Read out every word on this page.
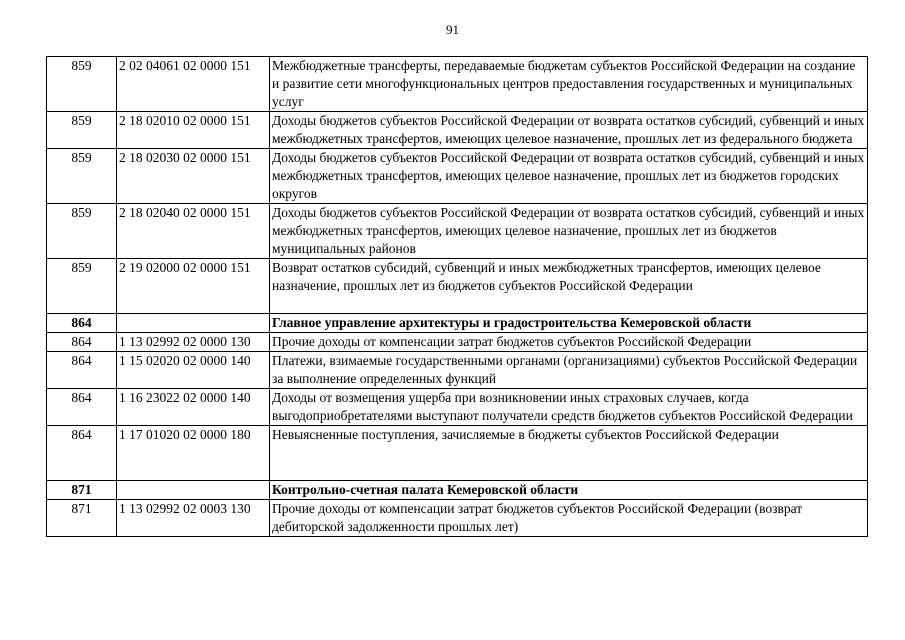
91
859	2 02 04061 02 0000 151	Межбюджетные трансферты, передаваемые бюджетам субъектов Российской Федерации на создание и развитие сети многофункциональных центров предоставления государственных и муниципальных услуг
859	2 18 02010 02 0000 151	Доходы бюджетов субъектов Российской Федерации от возврата остатков субсидий, субвенций и иных межбюджетных трансфертов, имеющих целевое назначение, прошлых лет из федерального бюджета
859	2 18 02030 02 0000 151	Доходы бюджетов субъектов Российской Федерации от возврата остатков субсидий, субвенций и иных межбюджетных трансфертов, имеющих целевое назначение, прошлых лет из бюджетов городских округов
859	2 18 02040 02 0000 151	Доходы бюджетов субъектов Российской Федерации от возврата остатков субсидий, субвенций и иных межбюджетных трансфертов, имеющих целевое назначение, прошлых лет из бюджетов муниципальных районов
859	2 19 02000 02 0000 151	Возврат остатков субсидий, субвенций и иных межбюджетных трансфертов, имеющих целевое назначение, прошлых лет из бюджетов субъектов Российской Федерации
864		Главное управление архитектуры и градостроительства Кемеровской области
864	1 13 02992 02 0000 130	Прочие доходы от компенсации затрат бюджетов субъектов Российской Федерации
864	1 15 02020 02 0000 140	Платежи, взимаемые государственными органами (организациями) субъектов Российской Федерации за выполнение определенных функций
864	1 16 23022 02 0000 140	Доходы от возмещения ущерба при возникновении иных страховых случаев, когда выгодоприобретателями выступают получатели средств бюджетов субъектов Российской Федерации
864	1 17 01020 02 0000 180	Невыясненные поступления, зачисляемые в бюджеты субъектов Российской Федерации
871		Контрольно-счетная палата Кемеровской области
871	1 13 02992 02 0003 130	Прочие доходы от компенсации затрат бюджетов субъектов Российской Федерации (возврат дебиторской задолженности прошлых лет)
